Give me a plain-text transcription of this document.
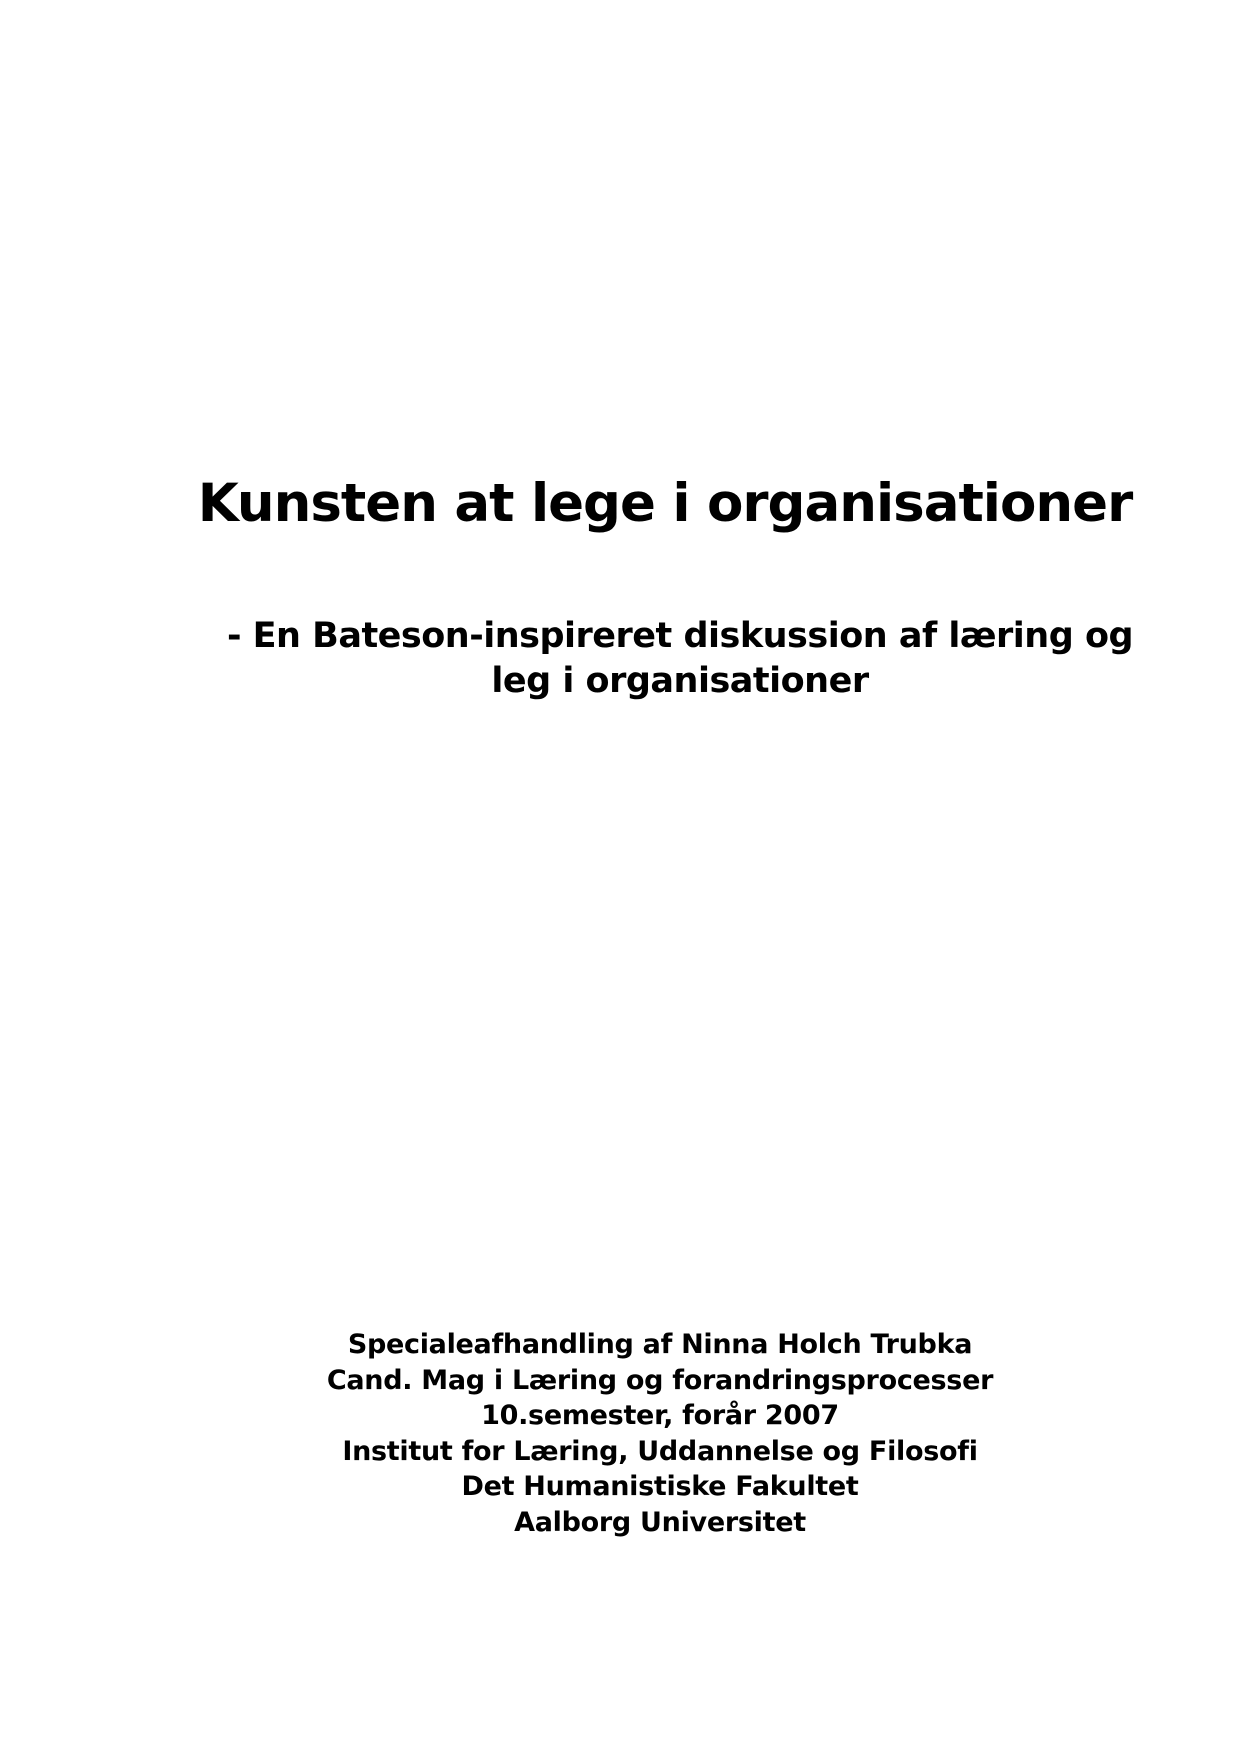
Kunsten at lege i organisationer
- En Bateson-inspireret diskussion af læring og
leg i organisationer
Specialeafhandling af Ninna Holch Trubka
Cand. Mag i Læring og forandringsprocesser
10.semester, forår 2007
Institut for Læring, Uddannelse og Filosofi
Det Humanistiske Fakultet
Aalborg Universitet
